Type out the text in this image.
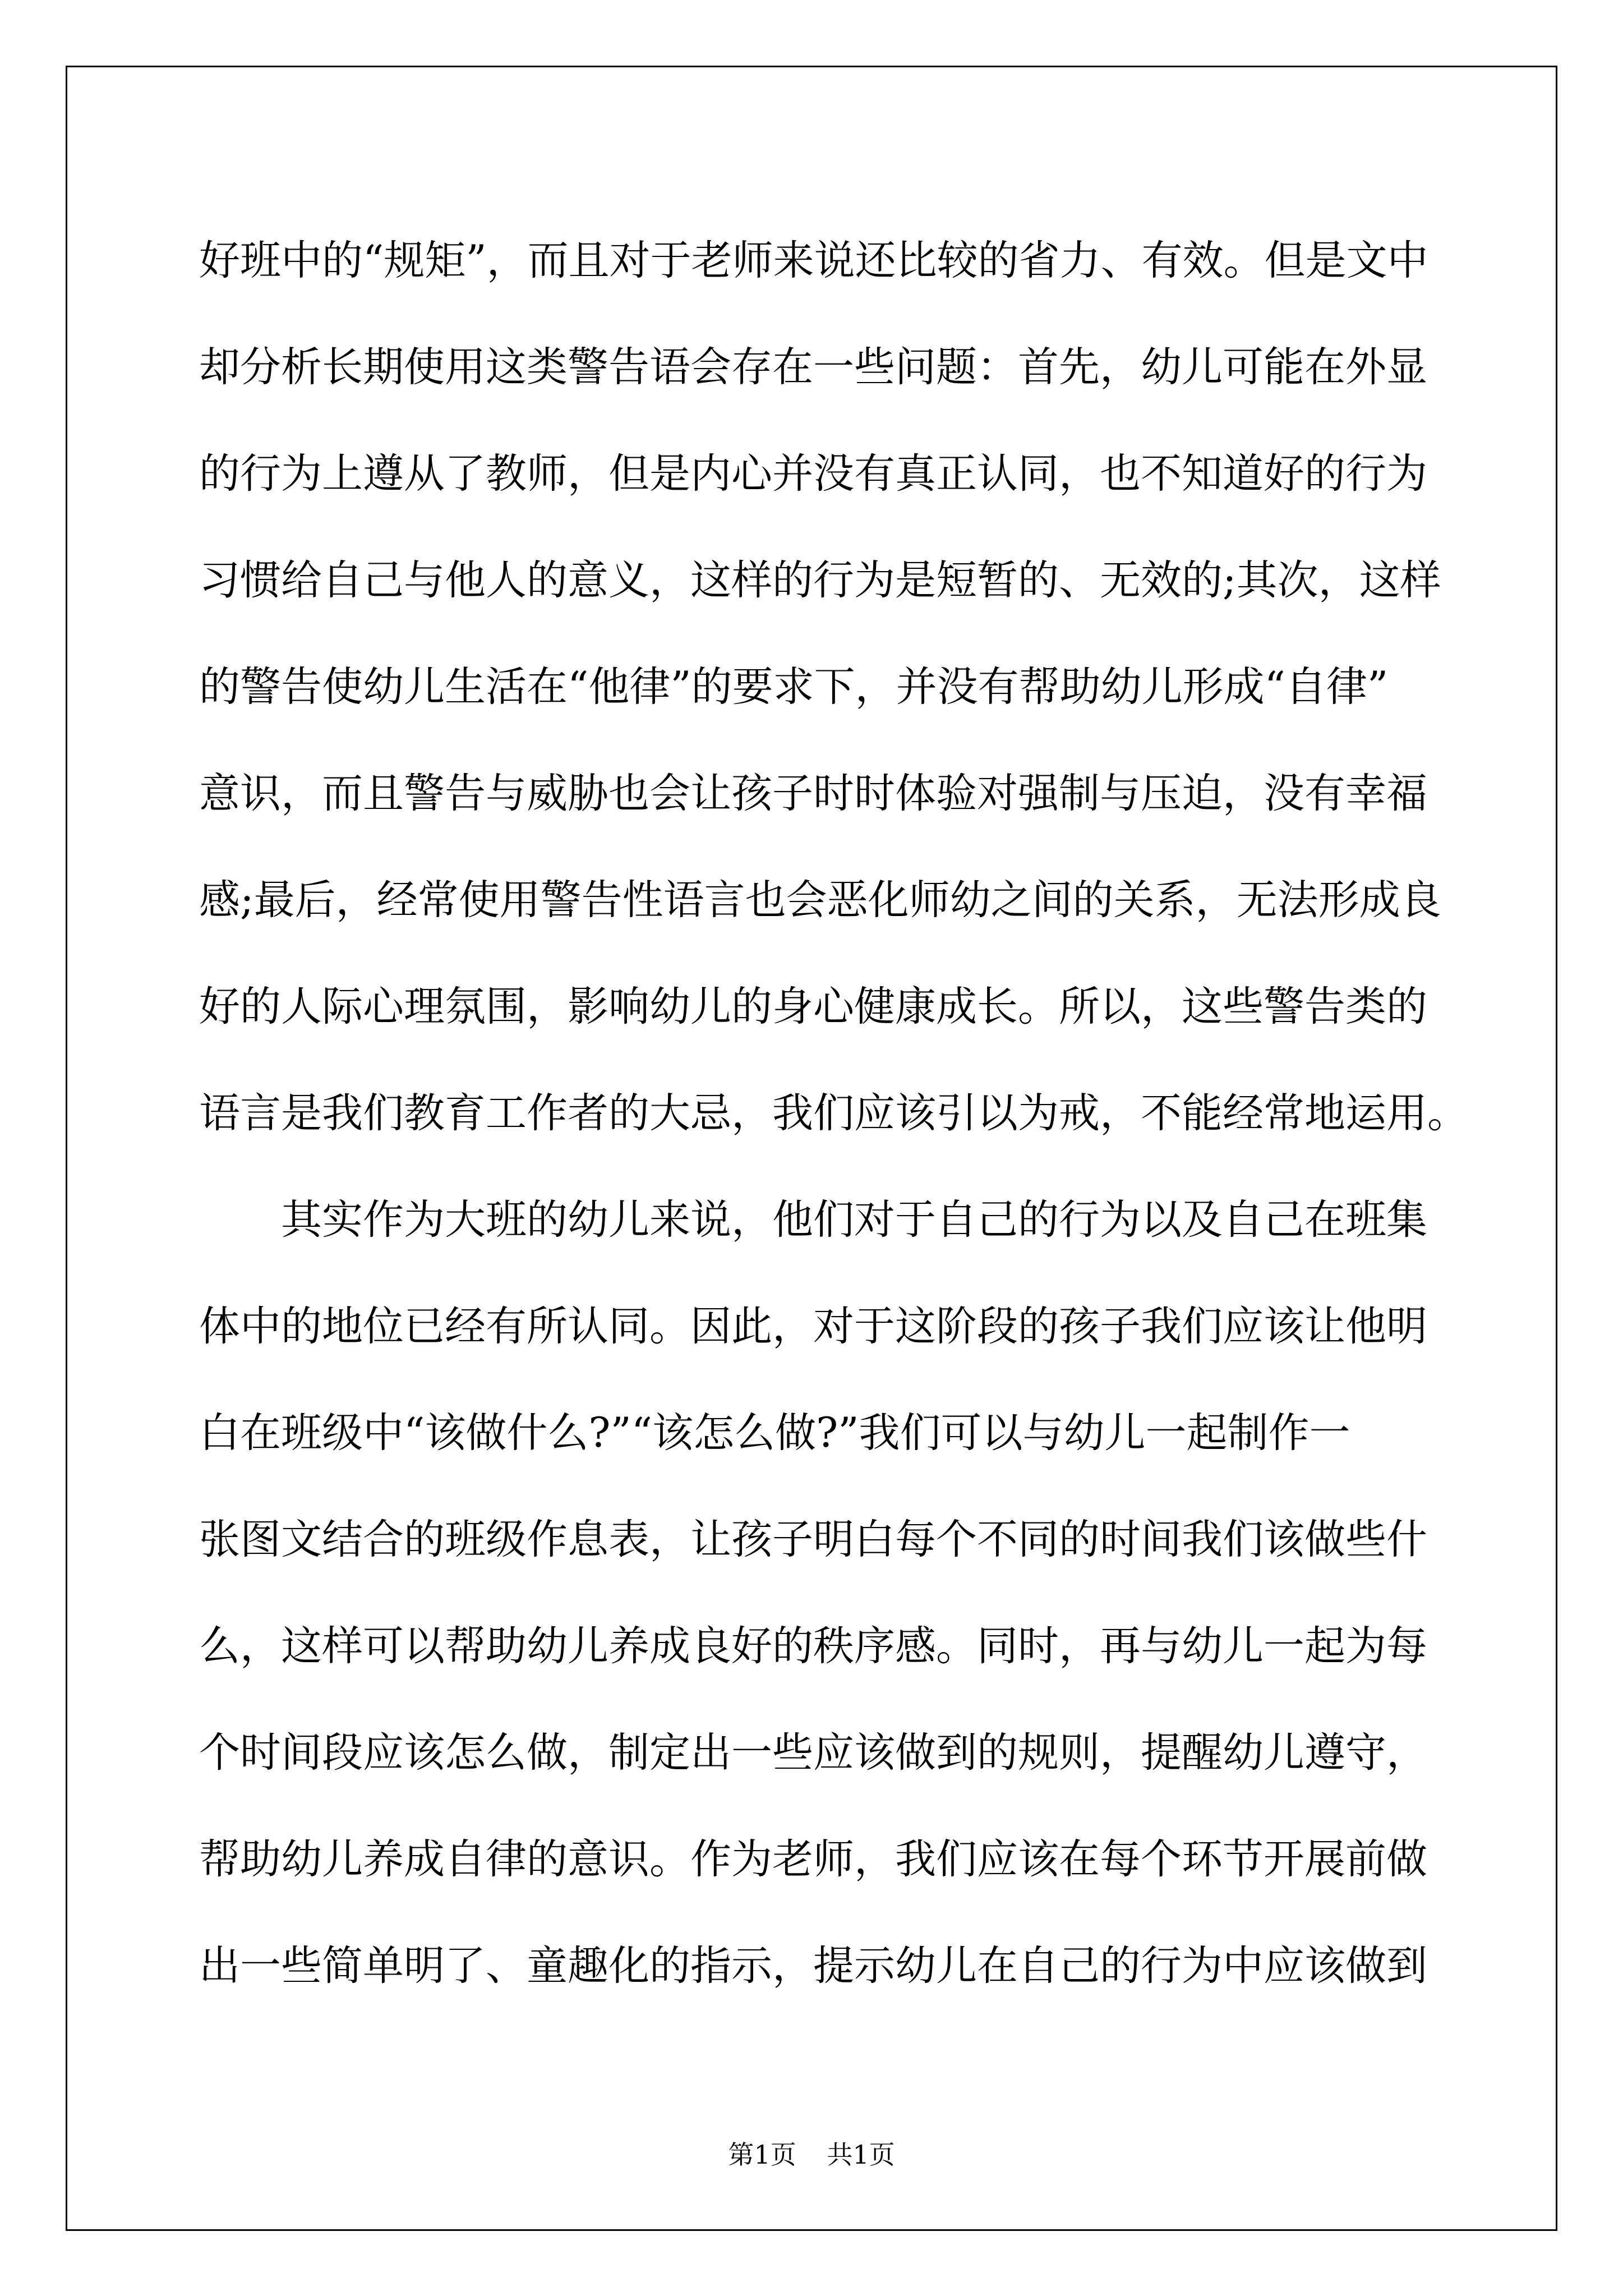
好班中的“规矩”，而且对于老师来说还比较的省力、有效。但是文中
却分析长期使用这类警告语会存在一些问题：首先，幼儿可能在外显
的行为上遵从了教师，但是内心并没有真正认同，也不知道好的行为
习惯给自己与他人的意义，这样的行为是短暂的、无效的;其次，这样
的警告使幼儿生活在“他律”的要求下，并没有帮助幼儿形成“自律”
意识，而且警告与威胁也会让孩子时时体验对强制与压迫，没有幸福
感;最后，经常使用警告性语言也会恶化师幼之间的关系，无法形成良
好的人际心理氛围，影响幼儿的身心健康成长。所以，这些警告类的
语言是我们教育工作者的大忌，我们应该引以为戒，不能经常地运用。

其实作为大班的幼儿来说，他们对于自己的行为以及自己在班集
体中的地位已经有所认同。因此，对于这阶段的孩子我们应该让他明
白在班级中“该做什么?”“该怎么做?”我们可以与幼儿一起制作一
张图文结合的班级作息表，让孩子明白每个不同的时间我们该做些什
么，这样可以帮助幼儿养成良好的秩序感。同时，再与幼儿一起为每
个时间段应该怎么做，制定出一些应该做到的规则，提醒幼儿遵守，
帮助幼儿养成自律的意识。作为老师，我们应该在每个环节开展前做
出一些简单明了、童趣化的指示，提示幼儿在自己的行为中应该做到

第1页 共1页
